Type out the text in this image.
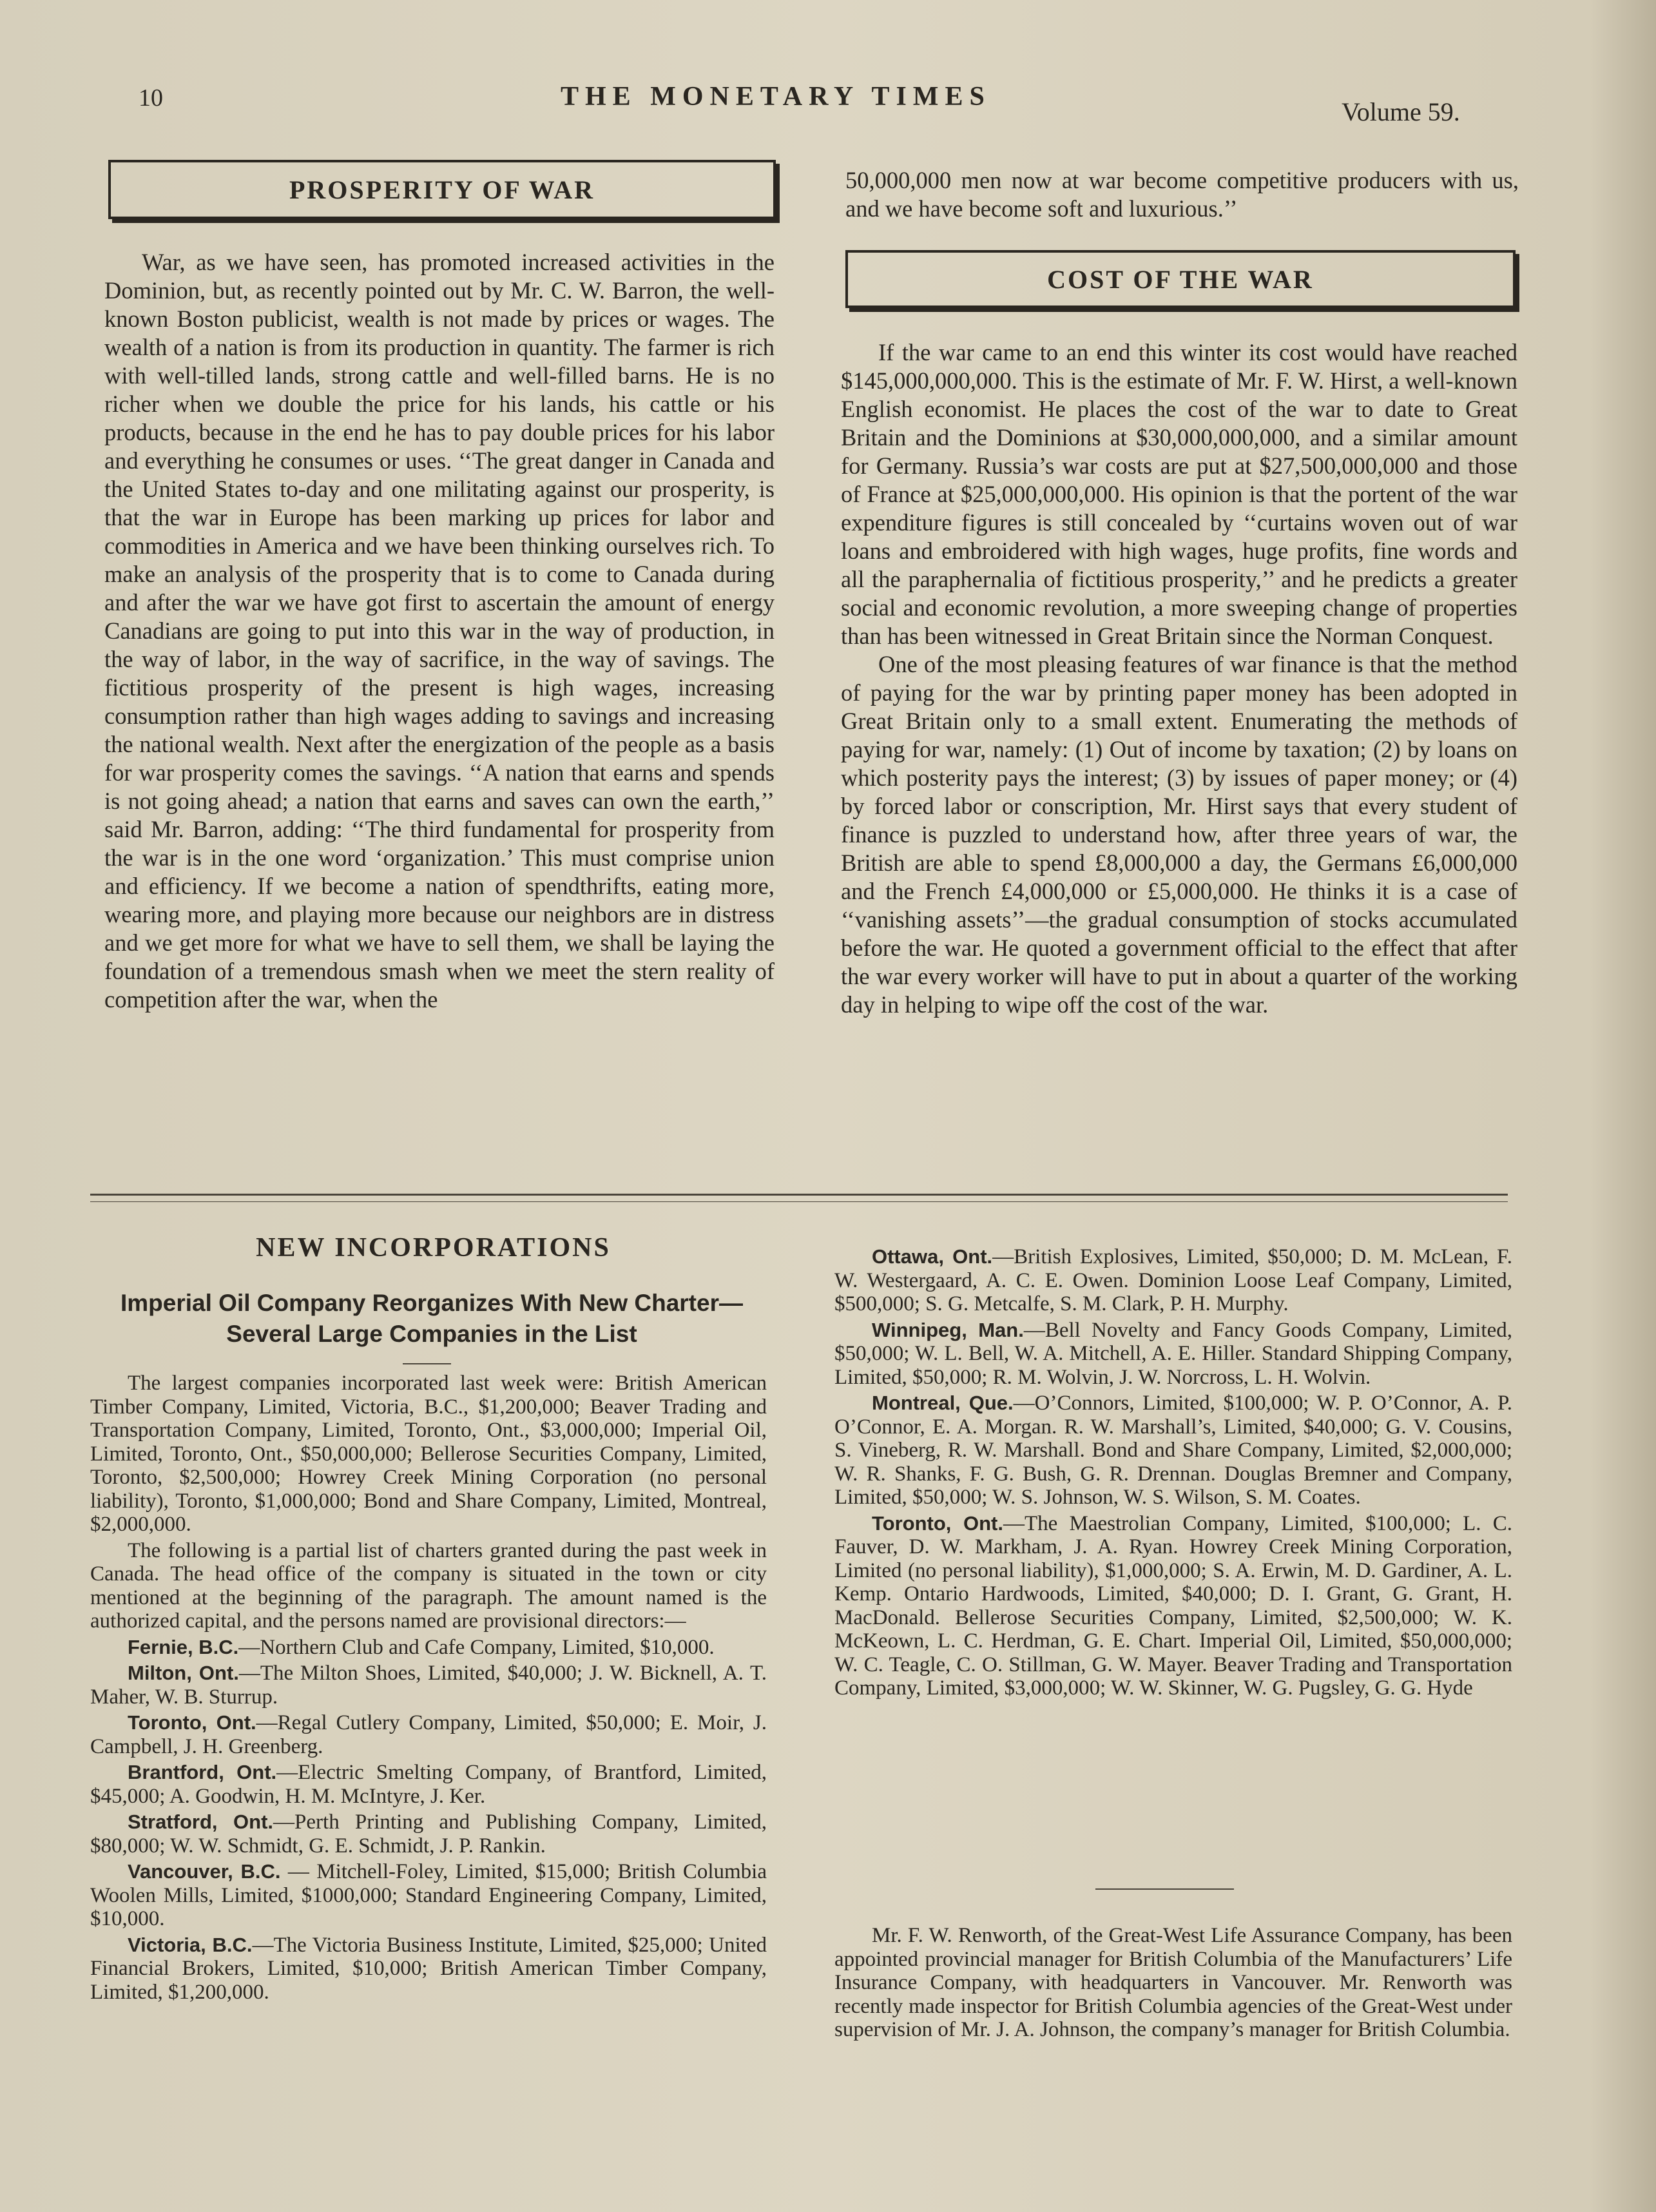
10	THE MONETARY TIMES
Volume 59.
PROSPERITY OF WAR

War, as we have seen, has promoted increased activities in the Dominion, but, as recently pointed out by Mr. C. W. Barron, the well-known Boston publicist, wealth is not made by prices or wages. The wealth of a nation is from its production in quantity. The farmer is rich with well-tilled lands, strong cattle and well-filled barns. He is no richer when we double the price for his lands, his cattle or his products, because in the end he has to pay double prices for his labor and everything he consumes or uses. ‘‘The great danger in Canada and the United States to-day and one militating against our prosperity, is that the war in Europe has been marking up prices for labor and commodities in America and we have been thinking ourselves rich. To make an analysis of the prosperity that is to come to Canada during and after the war we have got first to ascertain the amount of energy Canadians are going to put into this war in the way of production, in the way of labor, in the way of sacrifice, in the way of savings. The fictitious prosperity of the present is high wages, increasing consumption rather than high wages adding to savings and increasing the national wealth. Next after the energization of the people as a basis for war prosperity comes the savings. ‘‘A nation that earns and spends is not going ahead; a nation that earns and saves can own the earth,’’ said Mr. Barron, adding: ‘‘The third fundamental for prosperity from the war is in the one word ‘organization.’ This must comprise union and efficiency. If we become a nation of spendthrifts, eating more, wearing more, and playing more because our neighbors are in distress and we get more for what we have to sell them, we shall be laying the foundation of a tremendous smash when we meet the stern reality of competition after the war, when the

50,000,000 men now at war become competitive producers with us, and we have become soft and luxurious.’’

COST OF THE WAR

If the war came to an end this winter its cost would have reached $145,000,000,000. This is the estimate of Mr. F. W. Hirst, a well-known English economist. He places the cost of the war to date to Great Britain and the Dominions at $30,000,000,000, and a similar amount for Germany. Russia’s war costs are put at $27,500,000,000 and those of France at $25,000,000,000. His opinion is that the portent of the war expenditure figures is still concealed by ‘‘curtains woven out of war loans and embroidered with high wages, huge profits, fine words and all the paraphernalia of fictitious prosperity,’’ and he predicts a greater social and economic revolution, a more sweeping change of properties than has been witnessed in Great Britain since the Norman Conquest.

One of the most pleasing features of war finance is that the method of paying for the war by printing paper money has been adopted in Great Britain only to a small extent. Enumerating the methods of paying for war, namely: (1) Out of income by taxation; (2) by loans on which posterity pays the interest; (3) by issues of paper money; or (4) by forced labor or conscription, Mr. Hirst says that every student of finance is puzzled to understand how, after three years of war, the British are able to spend £8,000,000 a day, the Germans £6,000,000 and the French £4,000,000 or £5,000,000. He thinks it is a case of ‘‘vanishing assets’’—the gradual consumption of stocks accumulated before the war. He quoted a government official to the effect that after the war every worker will have to put in about a quarter of the working day in helping to wipe off the cost of the war.

NEW INCORPORATIONS
Imperial Oil Company Reorganizes With New Charter—
Several Large Companies in the List

The largest companies incorporated last week were: British American Timber Company, Limited, Victoria, B.C., $1,200,000; Beaver Trading and Transportation Company, Limited, Toronto, Ont., $3,000,000; Imperial Oil, Limited, Toronto, Ont., $50,000,000; Bellerose Securities Company, Limited, Toronto, $2,500,000; Howrey Creek Mining Corporation (no personal liability), Toronto, $1,000,000; Bond and Share Company, Limited, Montreal, $2,000,000.

The following is a partial list of charters granted during the past week in Canada. The head office of the company is situated in the town or city mentioned at the beginning of the paragraph. The amount named is the authorized capital, and the persons named are provisional directors:—

Fernie, B.C.—Northern Club and Cafe Company, Limited, $10,000.

Milton, Ont.—The Milton Shoes, Limited, $40,000; J. W. Bicknell, A. T. Maher, W. B. Sturrup.

Toronto, Ont.—Regal Cutlery Company, Limited, $50,000; E. Moir, J. Campbell, J. H. Greenberg.

Brantford, Ont.—Electric Smelting Company, of Brantford, Limited, $45,000; A. Goodwin, H. M. McIntyre, J. Ker.

Stratford, Ont.—Perth Printing and Publishing Company, Limited, $80,000; W. W. Schmidt, G. E. Schmidt, J. P. Rankin.

Vancouver, B.C. — Mitchell-Foley, Limited, $15,000; British Columbia Woolen Mills, Limited, $1000,000; Standard Engineering Company, Limited, $10,000.

Victoria, B.C.—The Victoria Business Institute, Limited, $25,000; United Financial Brokers, Limited, $10,000; British American Timber Company, Limited, $1,200,000.

Ottawa, Ont.—British Explosives, Limited, $50,000; D. M. McLean, F. W. Westergaard, A. C. E. Owen. Dominion Loose Leaf Company, Limited, $500,000; S. G. Metcalfe, S. M. Clark, P. H. Murphy.

Winnipeg, Man.—Bell Novelty and Fancy Goods Company, Limited, $50,000; W. L. Bell, W. A. Mitchell, A. E. Hiller. Standard Shipping Company, Limited, $50,000; R. M. Wolvin, J. W. Norcross, L. H. Wolvin.

Montreal, Que.—O’Connors, Limited, $100,000; W. P. O’Connor, A. P. O’Connor, E. A. Morgan. R. W. Marshall’s, Limited, $40,000; G. V. Cousins, S. Vineberg, R. W. Marshall. Bond and Share Company, Limited, $2,000,000; W. R. Shanks, F. G. Bush, G. R. Drennan. Douglas Bremner and Company, Limited, $50,000; W. S. Johnson, W. S. Wilson, S. M. Coates.

Toronto, Ont.—The Maestrolian Company, Limited, $100,000; L. C. Fauver, D. W. Markham, J. A. Ryan. Howrey Creek Mining Corporation, Limited (no personal liability), $1,000,000; S. A. Erwin, M. D. Gardiner, A. L. Kemp. Ontario Hardwoods, Limited, $40,000; D. I. Grant, G. Grant, H. MacDonald. Bellerose Securities Company, Limited, $2,500,000; W. K. McKeown, L. C. Herdman, G. E. Chart. Imperial Oil, Limited, $50,000,000; W. C. Teagle, C. O. Stillman, G. W. Mayer. Beaver Trading and Transportation Company, Limited, $3,000,000; W. W. Skinner, W. G. Pugsley, G. G. Hyde

Mr. F. W. Renworth, of the Great-West Life Assurance Company, has been appointed provincial manager for British Columbia of the Manufacturers’ Life Insurance Company, with headquarters in Vancouver. Mr. Renworth was recently made inspector for British Columbia agencies of the Great-West under supervision of Mr. J. A. Johnson, the company’s manager for British Columbia.
